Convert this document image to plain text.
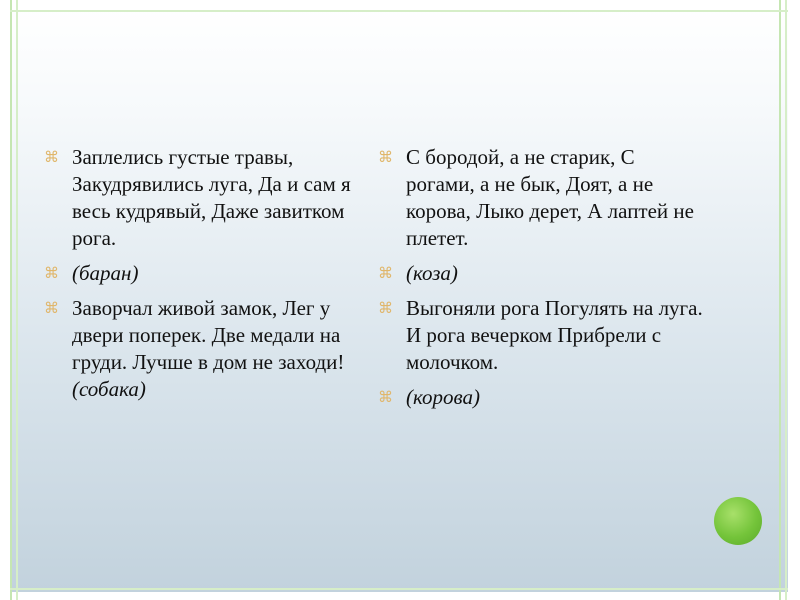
⌘ Заплелись густые травы, Закудрявились луга, Да и сам я весь кудрявый, Даже завитком рога.
⌘ (баран)
⌘ Заворчал живой замок, Лег у двери поперек. Две медали на груди. Лучше в дом не заходи!
(собака)
⌘ С бородой, а не старик, С рогами, а не бык, Доят, а не корова, Лыко дерет, А лаптей не плетет.
⌘ (коза)
⌘ Выгоняли рога Погулять на луга. И рога вечерком Прибрели с молочком.
⌘ (корова)
